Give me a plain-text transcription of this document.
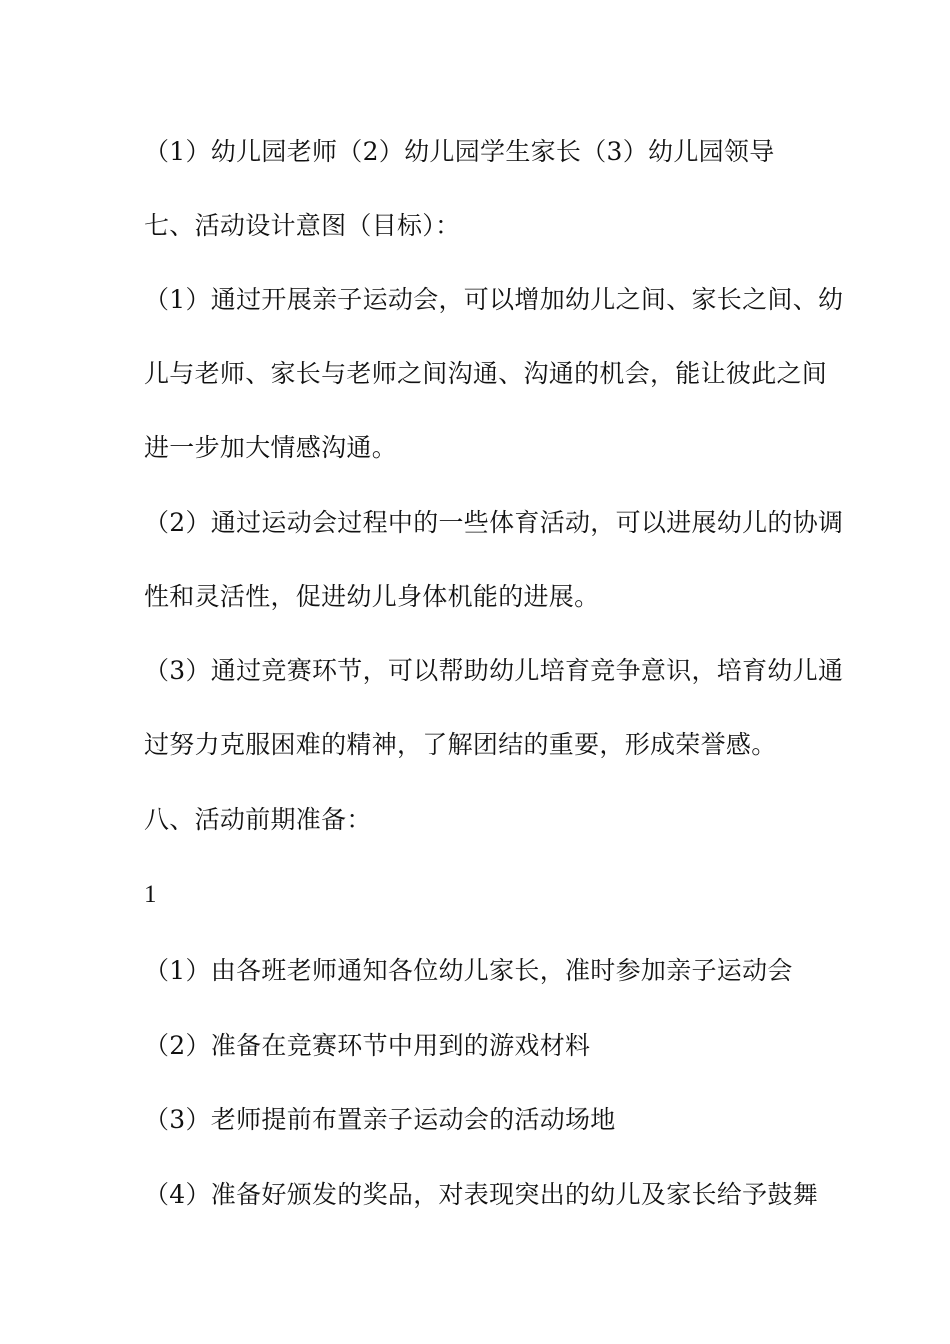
（1）幼儿园老师（2）幼儿园学生家长（3）幼儿园领导
七、活动设计意图（目标）：
（1）通过开展亲子运动会，可以增加幼儿之间、家长之间、幼
儿与老师、家长与老师之间沟通、沟通的机会，能让彼此之间
进一步加大情感沟通。
（2）通过运动会过程中的一些体育活动，可以进展幼儿的协调
性和灵活性，促进幼儿身体机能的进展。
（3）通过竞赛环节，可以帮助幼儿培育竞争意识，培育幼儿通
过努力克服困难的精神，了解团结的重要，形成荣誉感。
八、活动前期准备：
1
（1）由各班老师通知各位幼儿家长，准时参加亲子运动会
（2）准备在竞赛环节中用到的游戏材料
（3）老师提前布置亲子运动会的活动场地
（4）准备好颁发的奖品，对表现突出的幼儿及家长给予鼓舞
